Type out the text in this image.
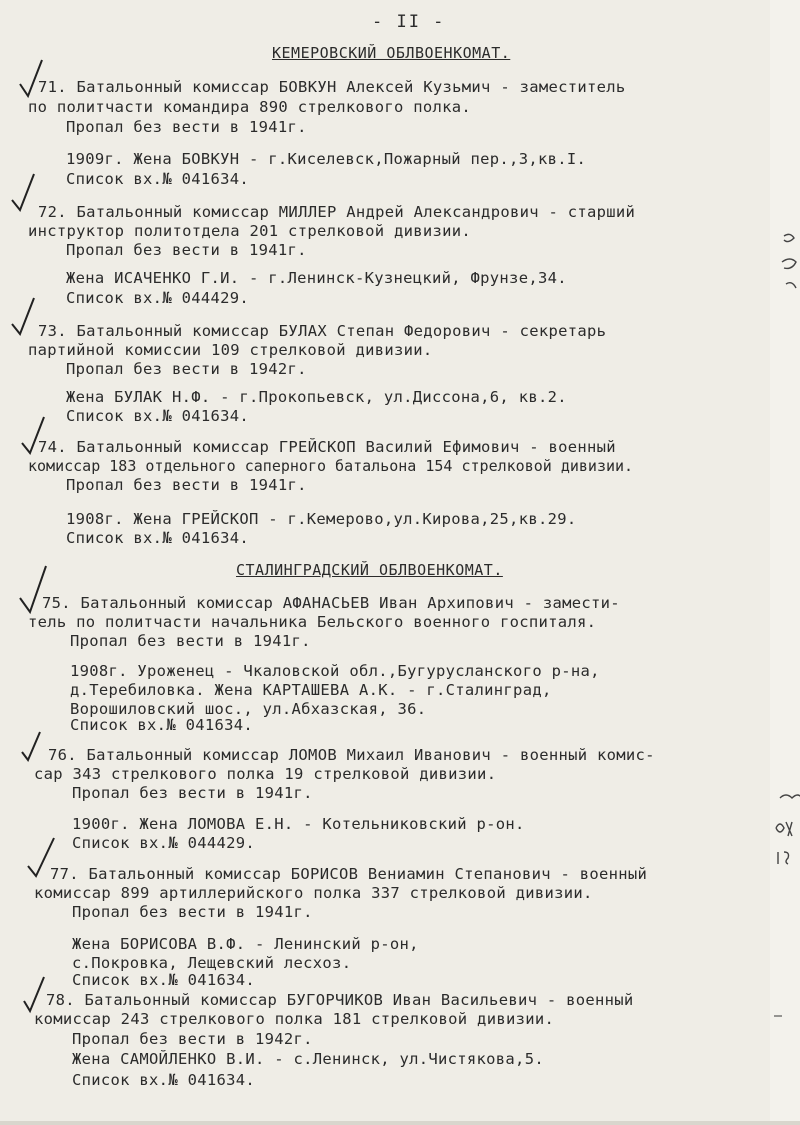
- II -
КЕМЕРОВСКИЙ ОБЛВОЕНКОМАТ.
71. Батальонный комиссар БОВКУН Алексей Кузьмич - заместитель
по политчасти командира 890 стрелкового полка.
Пропал без вести в 1941г.
1909г. Жена БОВКУН - г.Киселевск,Пожарный пер.,3,кв.I.
Список вх.№ 041634.
72. Батальонный комиссар МИЛЛЕР Андрей Александрович - старший
инструктор политотдела 201 стрелковой дивизии.
Пропал без вести в 1941г.
Жена ИСАЧЕНКО Г.И. - г.Ленинск-Кузнецкий, Фрунзе,34.
Список вх.№ 044429.
73. Батальонный комиссар БУЛАХ Степан Федорович - секретарь
партийной комиссии 109 стрелковой дивизии.
Пропал без вести в 1942г.
Жена БУЛАК Н.Ф. - г.Прокопьевск, ул.Диссона,6, кв.2.
Список вх.№ 041634.
74. Батальонный комиссар ГРЕЙСКОП Василий Ефимович - военный
комиссар 183 отдельного саперного батальона 154 стрелковой дивизии.
Пропал без вести в 1941г.
1908г. Жена ГРЕЙСКОП - г.Кемерово,ул.Кирова,25,кв.29.
Список вх.№ 041634.
СТАЛИНГРАДСКИЙ ОБЛВОЕНКОМАТ.
75. Батальонный комиссар АФАНАСЬЕВ Иван Архипович - замести-
тель по политчасти начальника Бельского военного госпиталя.
Пропал без вести в 1941г.
1908г. Уроженец - Чкаловской обл.,Бугурусланского р-на,
д.Теребиловка. Жена КАРТАШЕВА А.К. - г.Сталинград,
Ворошиловский шос., ул.Абхазская, 36.
Список вх.№ 041634.
76. Батальонный комиссар ЛОМОВ Михаил Иванович - военный комис-
сар 343 стрелкового полка 19 стрелковой дивизии.
Пропал без вести в 1941г.
1900г. Жена ЛОМОВА Е.Н. - Котельниковский р-он.
Список вх.№ 044429.
77. Батальонный комиссар БОРИСОВ Вениамин Степанович - военный
комиссар 899 артиллерийского полка 337 стрелковой дивизии.
Пропал без вести в 1941г.
Жена БОРИСОВА В.Ф. - Ленинский р-он,
с.Покровка, Лещевский лесхоз.
Список вх.№ 041634.
78. Батальонный комиссар БУГОРЧИКОВ Иван Васильевич - военный
комиссар 243 стрелкового полка 181 стрелковой дивизии.
Пропал без вести в 1942г.
Жена САМОЙЛЕНКО В.И. - с.Ленинск, ул.Чистякова,5.
Список вх.№ 041634.
